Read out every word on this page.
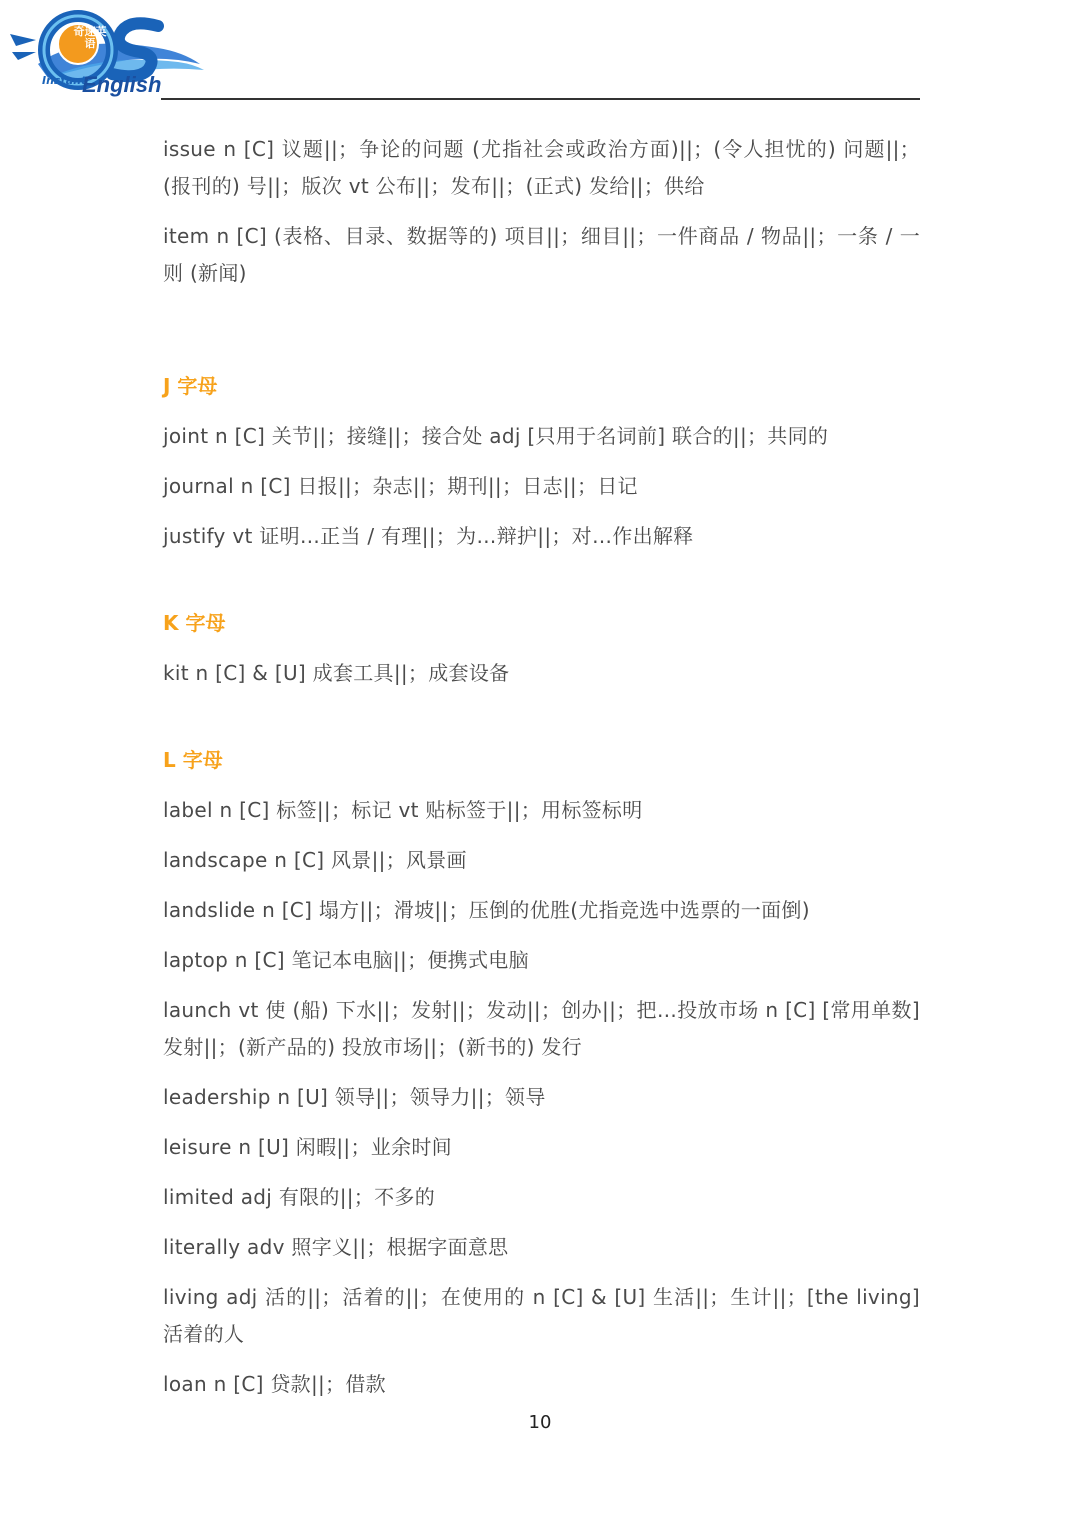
奇速英语
Instant
English

issue n [C] 议题||；争论的问题 (尤指社会或政治方面)||；(令人担忧的) 问题||；(报刊的) 号||；版次 vt 公布||；发布||；(正式) 发给||；供给

item n [C] (表格、目录、数据等的) 项目||；细目||；一件商品 / 物品||；一条 / 一则 (新闻)

J 字母

joint n [C] 关节||；接缝||；接合处 adj [只用于名词前] 联合的||；共同的

journal n [C] 日报||；杂志||；期刊||；日志||；日记

justify vt 证明…正当 / 有理||；为…辩护||；对…作出解释

K 字母

kit n [C] & [U] 成套工具||；成套设备

L 字母

label n [C] 标签||；标记 vt 贴标签于||；用标签标明

landscape n [C] 风景||；风景画

landslide n [C] 塌方||；滑坡||；压倒的优胜(尤指竞选中选票的一面倒)

laptop n [C] 笔记本电脑||；便携式电脑

launch vt 使 (船) 下水||；发射||；发动||；创办||；把…投放市场 n [C] [常用单数] 发射||；(新产品的) 投放市场||；(新书的) 发行

leadership n [U] 领导||；领导力||；领导

leisure n [U] 闲暇||；业余时间

limited adj 有限的||；不多的

literally adv 照字义||；根据字面意思

living adj 活的||；活着的||；在使用的 n [C] & [U] 生活||；生计||；[the living] 活着的人

loan n [C] 贷款||；借款

10
